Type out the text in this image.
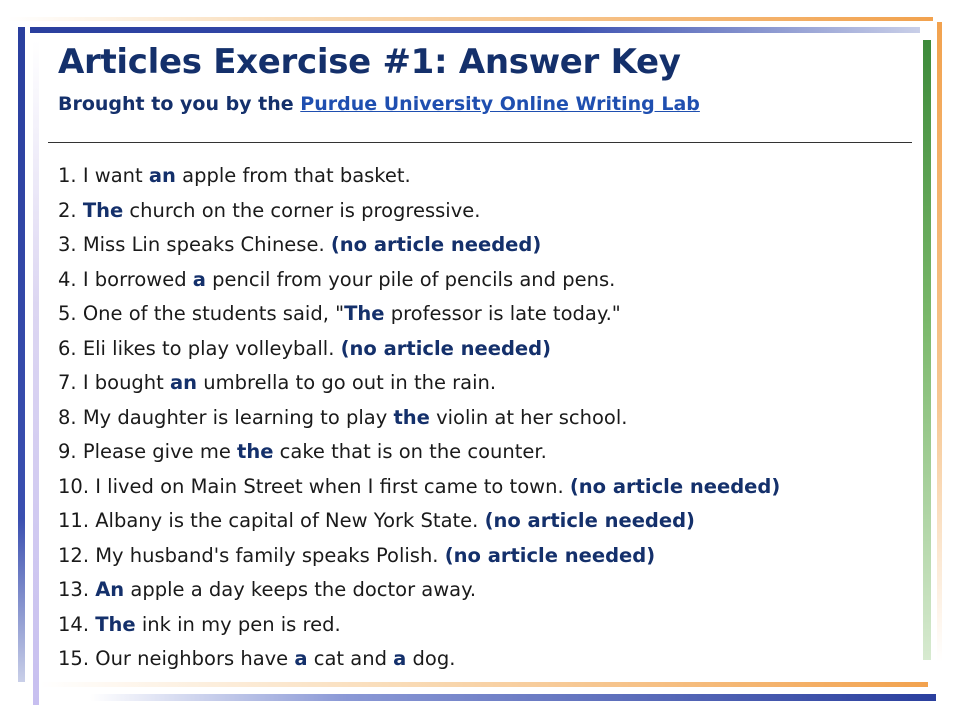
Articles Exercise #1: Answer Key
Brought to you by the Purdue University Online Writing Lab
1. I want an apple from that basket.
2. The church on the corner is progressive.
3. Miss Lin speaks Chinese. (no article needed)
4. I borrowed a pencil from your pile of pencils and pens.
5. One of the students said, "The professor is late today."
6. Eli likes to play volleyball. (no article needed)
7. I bought an umbrella to go out in the rain.
8. My daughter is learning to play the violin at her school.
9. Please give me the cake that is on the counter.
10. I lived on Main Street when I first came to town. (no article needed)
11. Albany is the capital of New York State. (no article needed)
12. My husband's family speaks Polish. (no article needed)
13. An apple a day keeps the doctor away.
14. The ink in my pen is red.
15. Our neighbors have a cat and a dog.
